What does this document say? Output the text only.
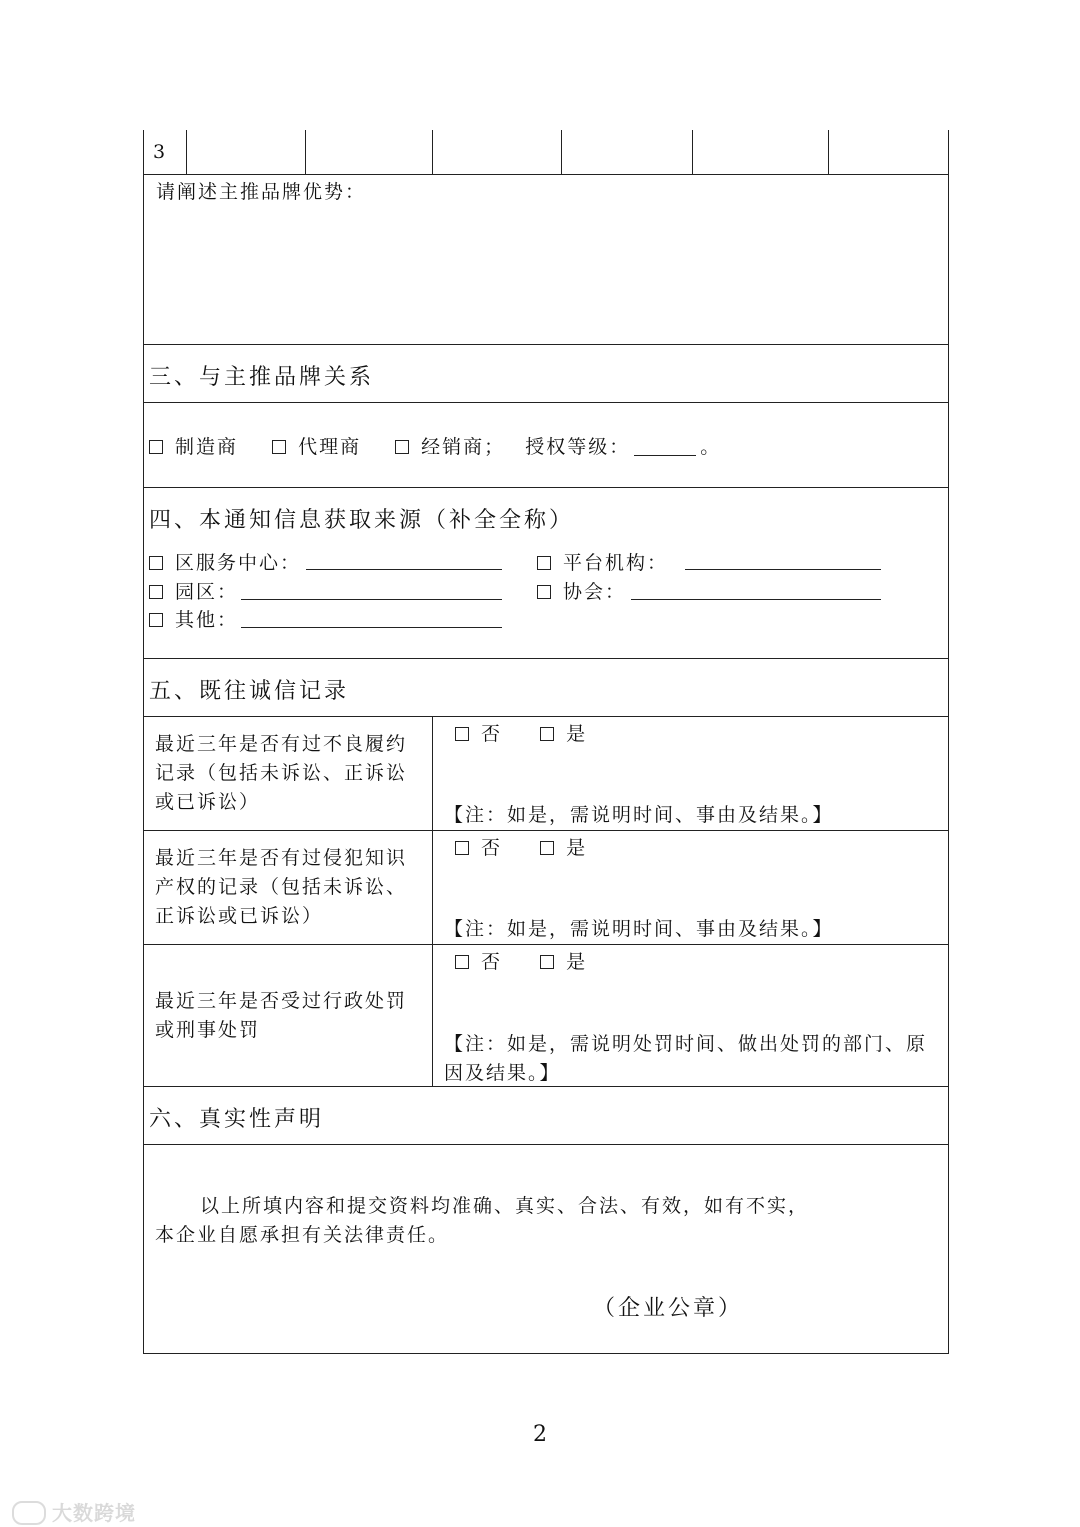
3
请阐述主推品牌优势：
三、与主推品牌关系
制造商	代理商	经销商； 授权等级：	。
四、本通知信息获取来源（补全全称）
区服务中心：	平台机构：
园区：	协会：
其他：
五、既往诚信记录
最近三年是否有过不良履约
记录（包括未诉讼、正诉讼
或已诉讼）
否	是
【注：如是，需说明时间、事由及结果。】
最近三年是否有过侵犯知识
产权的记录（包括未诉讼、
正诉讼或已诉讼）
否	是
【注：如是，需说明时间、事由及结果。】
最近三年是否受过行政处罚
或刑事处罚
否	是
【注：如是，需说明处罚时间、做出处罚的部门、原
因及结果。】
六、真实性声明
以上所填内容和提交资料均准确、真实、合法、有效，如有不实，
本企业自愿承担有关法律责任。
（企业公章）
2
大数跨境
